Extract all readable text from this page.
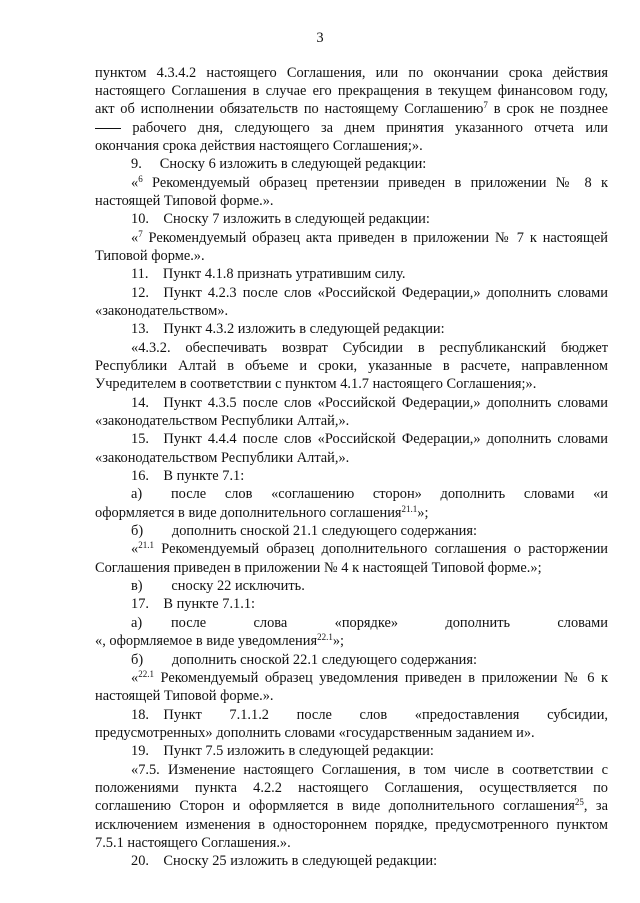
3
пунктом 4.3.4.2 настоящего Соглашения, или по окончании срока действия
настоящего Соглашения в случае его прекращения в текущем финансовом году,
акт об исполнении обязательств по настоящему Соглашению$^7$ в срок не позднее
рабочего дня, следующего за днем принятия указанного отчета или
окончания срока действия настоящего Соглашения;».
9.  Сноску 6 изложить в следующей редакции:
«$^6$ Рекомендуемый образец претензии приведен в приложении № 8 к
настоящей Типовой форме.».
10. Сноску 7 изложить в следующей редакции:
«$^7$ Рекомендуемый образец акта приведен в приложении № 7 к настоящей
Типовой форме.».
11. Пункт 4.1.8 признать утратившим силу.
12. Пункт 4.2.3 после слов «Российской Федерации,» дополнить словами
«законодательством».
13. Пункт 4.3.2 изложить в следующей редакции:
«4.3.2. обеспечивать возврат Субсидии в республиканский бюджет
Республики Алтай в объеме и сроки, указанные в расчете, направленном
Учредителем в соответствии с пунктом 4.1.7 настоящего Соглашения;».
14. Пункт 4.3.5 после слов «Российской Федерации,» дополнить словами
«законодательством Республики Алтай,».
15. Пункт 4.4.4 после слов «Российской Федерации,» дополнить словами
«законодательством Республики Алтай,».
16. В пункте 7.1:
а)  после слов «соглашению сторон» дополнить словами «и
оформляется в виде дополнительного соглашения$^{21.1}$»;
б)  дополнить сноской 21.1 следующего содержания:
«$^{21.1}$ Рекомендуемый образец дополнительного соглашения о расторжении
Соглашения приведен в приложении № 4 к настоящей Типовой форме.»;
в)  сноску 22 исключить.
17. В пункте 7.1.1:
а)  после слова «порядке» дополнить словами
«, оформляемое в виде уведомления$^{22.1}$»;
б)  дополнить сноской 22.1 следующего содержания:
«$^{22.1}$ Рекомендуемый образец уведомления приведен в приложении № 6 к
настоящей Типовой форме.».
18. Пункт 7.1.1.2 после слов «предоставления субсидии,
предусмотренных» дополнить словами «государственным заданием и».
19. Пункт 7.5 изложить в следующей редакции:
«7.5. Изменение настоящего Соглашения, в том числе в соответствии с
положениями пункта 4.2.2 настоящего Соглашения, осуществляется по
соглашению Сторон и оформляется в виде дополнительного соглашения$^{25}$, за
исключением изменения в одностороннем порядке, предусмотренного пунктом
7.5.1 настоящего Соглашения.».
20. Сноску 25 изложить в следующей редакции:
